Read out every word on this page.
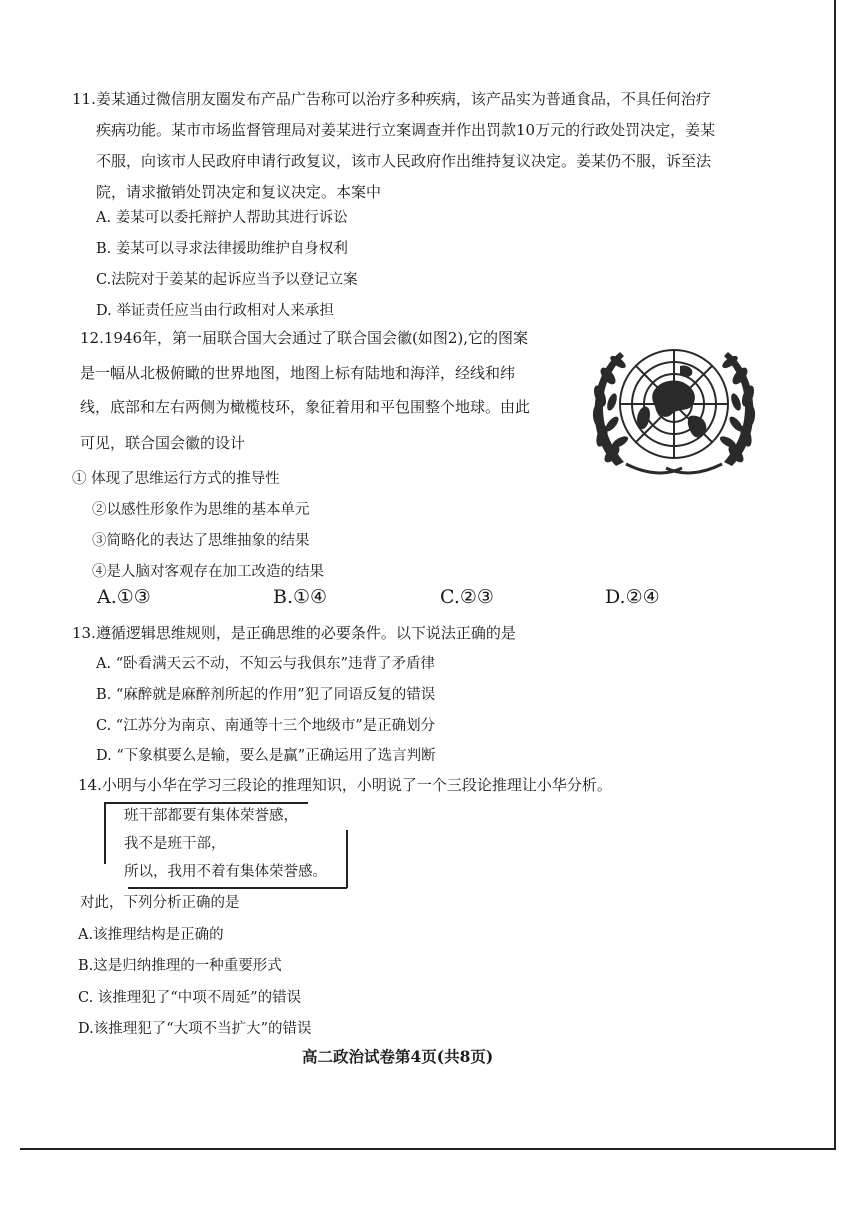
11.姜某通过微信朋友圈发布产品广告称可以治疗多种疾病，该产品实为普通食品，不具任何治疗
疾病功能。某市市场监督管理局对姜某进行立案调查并作出罚款10万元的行政处罚决定，姜某
不服，向该市人民政府申请行政复议，该市人民政府作出维持复议决定。姜某仍不服，诉至法
院，请求撤销处罚决定和复议决定。本案中
A. 姜某可以委托辩护人帮助其进行诉讼
B. 姜某可以寻求法律援助维护自身权利
C.法院对于姜某的起诉应当予以登记立案
D. 举证责任应当由行政相对人来承担
12.1946年，第一届联合国大会通过了联合国会徽(如图2),它的图案
是一幅从北极俯瞰的世界地图，地图上标有陆地和海洋，经线和纬
线，底部和左右两侧为橄榄枝环，象征着用和平包围整个地球。由此
可见，联合国会徽的设计
① 体现了思维运行方式的推导性
②以感性形象作为思维的基本单元
③简略化的表达了思维抽象的结果
④是人脑对客观存在加工改造的结果
A.①③	B.①④	C.②③	D.②④
13.遵循逻辑思维规则，是正确思维的必要条件。以下说法正确的是
A. “卧看满天云不动，不知云与我俱东”违背了矛盾律
B. “麻醉就是麻醉剂所起的作用”犯了同语反复的错误
C. “江苏分为南京、南通等十三个地级市”是正确划分
D. “下象棋要么是输，要么是赢”正确运用了选言判断
14.小明与小华在学习三段论的推理知识，小明说了一个三段论推理让小华分析。
班干部都要有集体荣誉感，
我不是班干部，
所以，我用不着有集体荣誉感。
对此，下列分析正确的是
A.该推理结构是正确的
B.这是归纳推理的一种重要形式
C. 该推理犯了“中项不周延”的错误
D.该推理犯了“大项不当扩大”的错误
高二政治试卷第4页(共8页)
